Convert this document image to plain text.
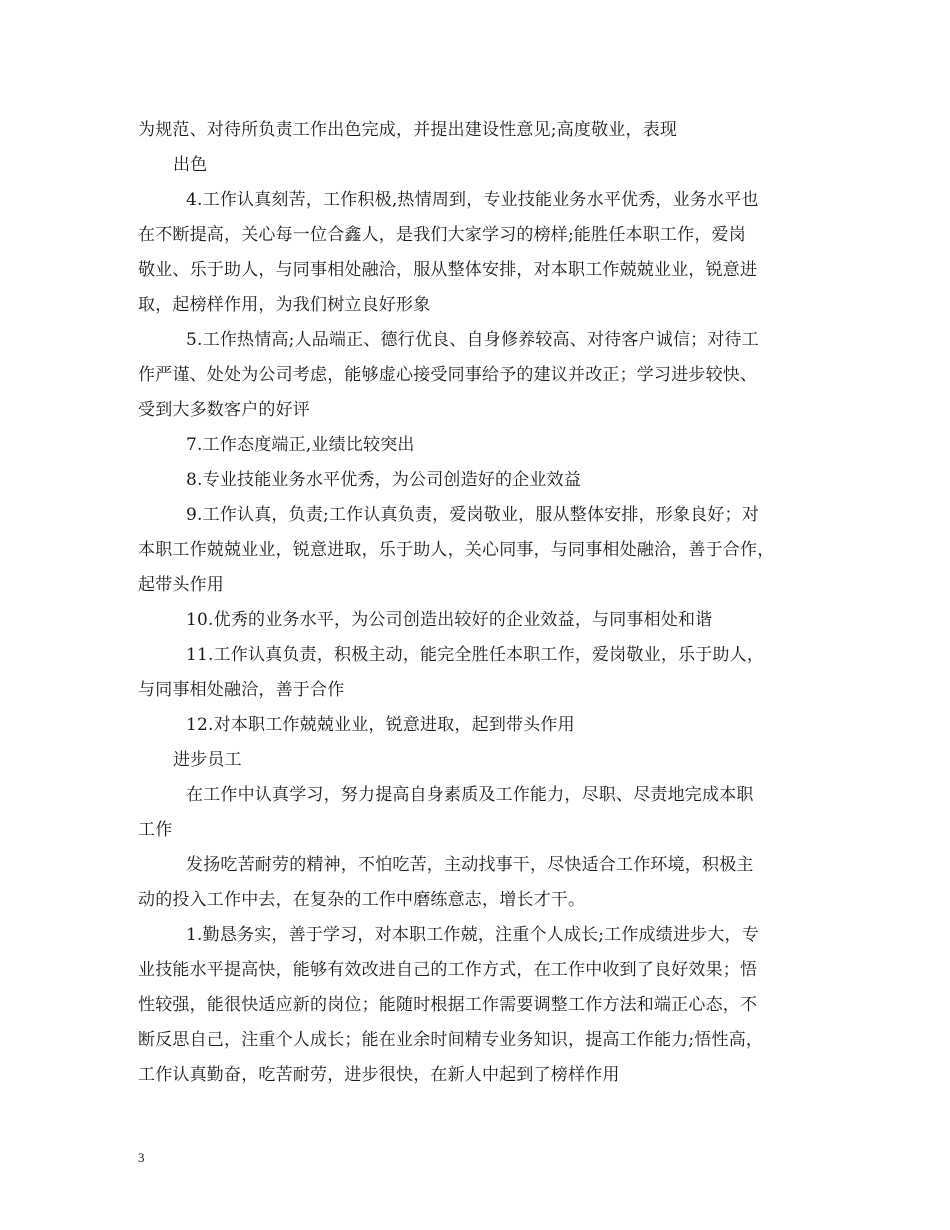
为规范、对待所负责工作出色完成，并提出建设性意见;高度敬业，表现
出色
4.工作认真刻苦，工作积极,热情周到，专业技能业务水平优秀，业务水平也
在不断提高，关心每一位合鑫人，是我们大家学习的榜样;能胜任本职工作，爱岗
敬业、乐于助人，与同事相处融洽，服从整体安排，对本职工作兢兢业业，锐意进
取，起榜样作用，为我们树立良好形象
5.工作热情高;人品端正、德行优良、自身修养较高、对待客户诚信；对待工
作严谨、处处为公司考虑，能够虚心接受同事给予的建议并改正；学习进步较快、
受到大多数客户的好评
7.工作态度端正,业绩比较突出
8.专业技能业务水平优秀，为公司创造好的企业效益
9.工作认真，负责;工作认真负责，爱岗敬业，服从整体安排，形象良好；对
本职工作兢兢业业，锐意进取，乐于助人，关心同事，与同事相处融洽，善于合作，
起带头作用
10.优秀的业务水平，为公司创造出较好的企业效益，与同事相处和谐
11.工作认真负责，积极主动，能完全胜任本职工作，爱岗敬业，乐于助人，
与同事相处融洽，善于合作
12.对本职工作兢兢业业，锐意进取，起到带头作用
进步员工
在工作中认真学习，努力提高自身素质及工作能力，尽职、尽责地完成本职
工作
发扬吃苦耐劳的精神，不怕吃苦，主动找事干，尽快适合工作环境，积极主
动的投入工作中去，在复杂的工作中磨练意志，增长才干。
1.勤恳务实，善于学习，对本职工作兢，注重个人成长;工作成绩进步大，专
业技能水平提高快，能够有效改进自己的工作方式，在工作中收到了良好效果；悟
性较强，能很快适应新的岗位；能随时根据工作需要调整工作方法和端正心态，不
断反思自己，注重个人成长；能在业余时间精专业务知识，提高工作能力;悟性高，
工作认真勤奋，吃苦耐劳，进步很快，在新人中起到了榜样作用
3
